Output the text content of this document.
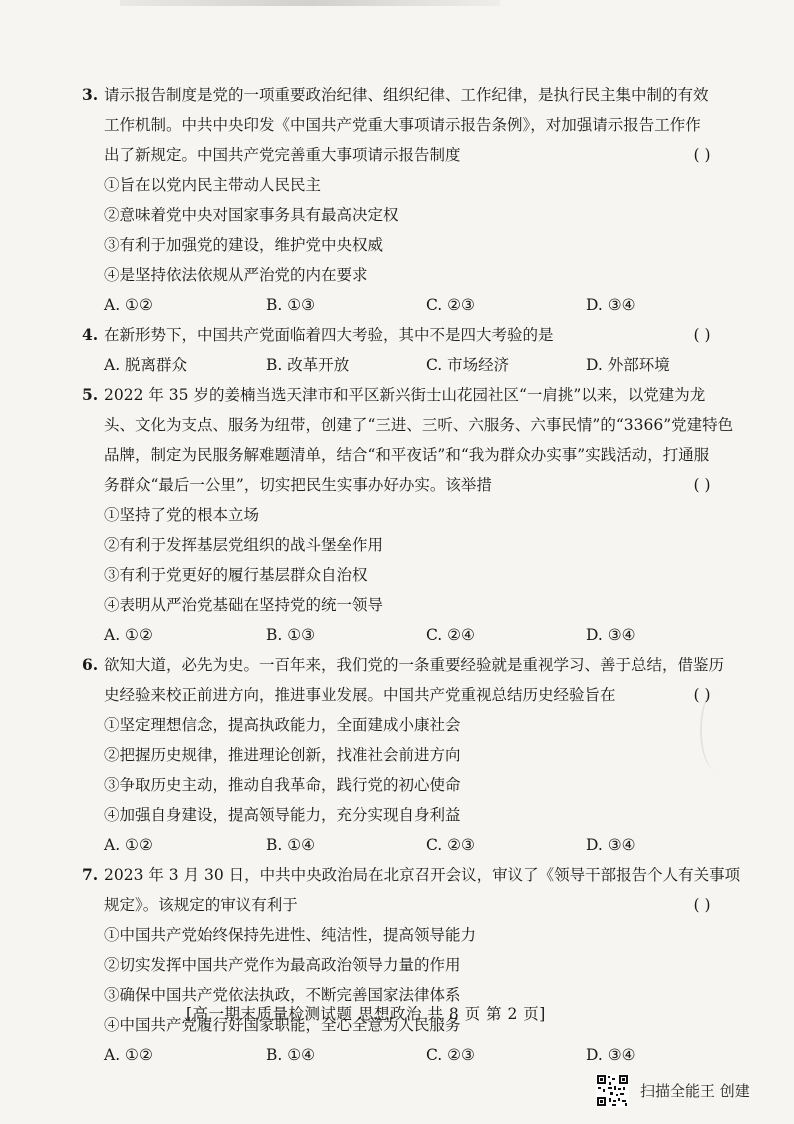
3. 请示报告制度是党的一项重要政治纪律、组织纪律、工作纪律，是执行民主集中制的有效
工作机制。中共中央印发《中国共产党重大事项请示报告条例》，对加强请示报告工作作
出了新规定。中国共产党完善重大事项请示报告制度	( )
①旨在以党内民主带动人民民主
②意味着党中央对国家事务具有最高决定权
③有利于加强党的建设，维护党中央权威
④是坚持依法依规从严治党的内在要求
A. ①②	B. ①③	C. ②③	D. ③④
4. 在新形势下，中国共产党面临着四大考验，其中不是四大考验的是	( )
A. 脱离群众	B. 改革开放	C. 市场经济	D. 外部环境
5. 2022 年 35 岁的姜楠当选天津市和平区新兴街士山花园社区“一肩挑”以来，以党建为龙
头、文化为支点、服务为纽带，创建了“三进、三听、六服务、六事民情”的“3366”党建特色
品牌，制定为民服务解难题清单，结合“和平夜话”和“我为群众办实事”实践活动，打通服
务群众“最后一公里”，切实把民生实事办好办实。该举措	( )
①坚持了党的根本立场
②有利于发挥基层党组织的战斗堡垒作用
③有利于党更好的履行基层群众自治权
④表明从严治党基础在坚持党的统一领导
A. ①②	B. ①③	C. ②④	D. ③④
6. 欲知大道，必先为史。一百年来，我们党的一条重要经验就是重视学习、善于总结，借鉴历
史经验来校正前进方向，推进事业发展。中国共产党重视总结历史经验旨在	( )
①坚定理想信念，提高执政能力，全面建成小康社会
②把握历史规律，推进理论创新，找准社会前进方向
③争取历史主动，推动自我革命，践行党的初心使命
④加强自身建设，提高领导能力，充分实现自身利益
A. ①②	B. ①④	C. ②③	D. ③④
7. 2023 年 3 月 30 日，中共中央政治局在北京召开会议，审议了《领导干部报告个人有关事项
规定》。该规定的审议有利于	( )
①中国共产党始终保持先进性、纯洁性，提高领导能力
②切实发挥中国共产党作为最高政治领导力量的作用
③确保中国共产党依法执政，不断完善国家法律体系
④中国共产党履行好国家职能，全心全意为人民服务
A. ①②	B. ①④	C. ②③	D. ③④
[高一期末质量检测试题 思想政治 共 8 页 第 2 页]
扫描全能王 创建
